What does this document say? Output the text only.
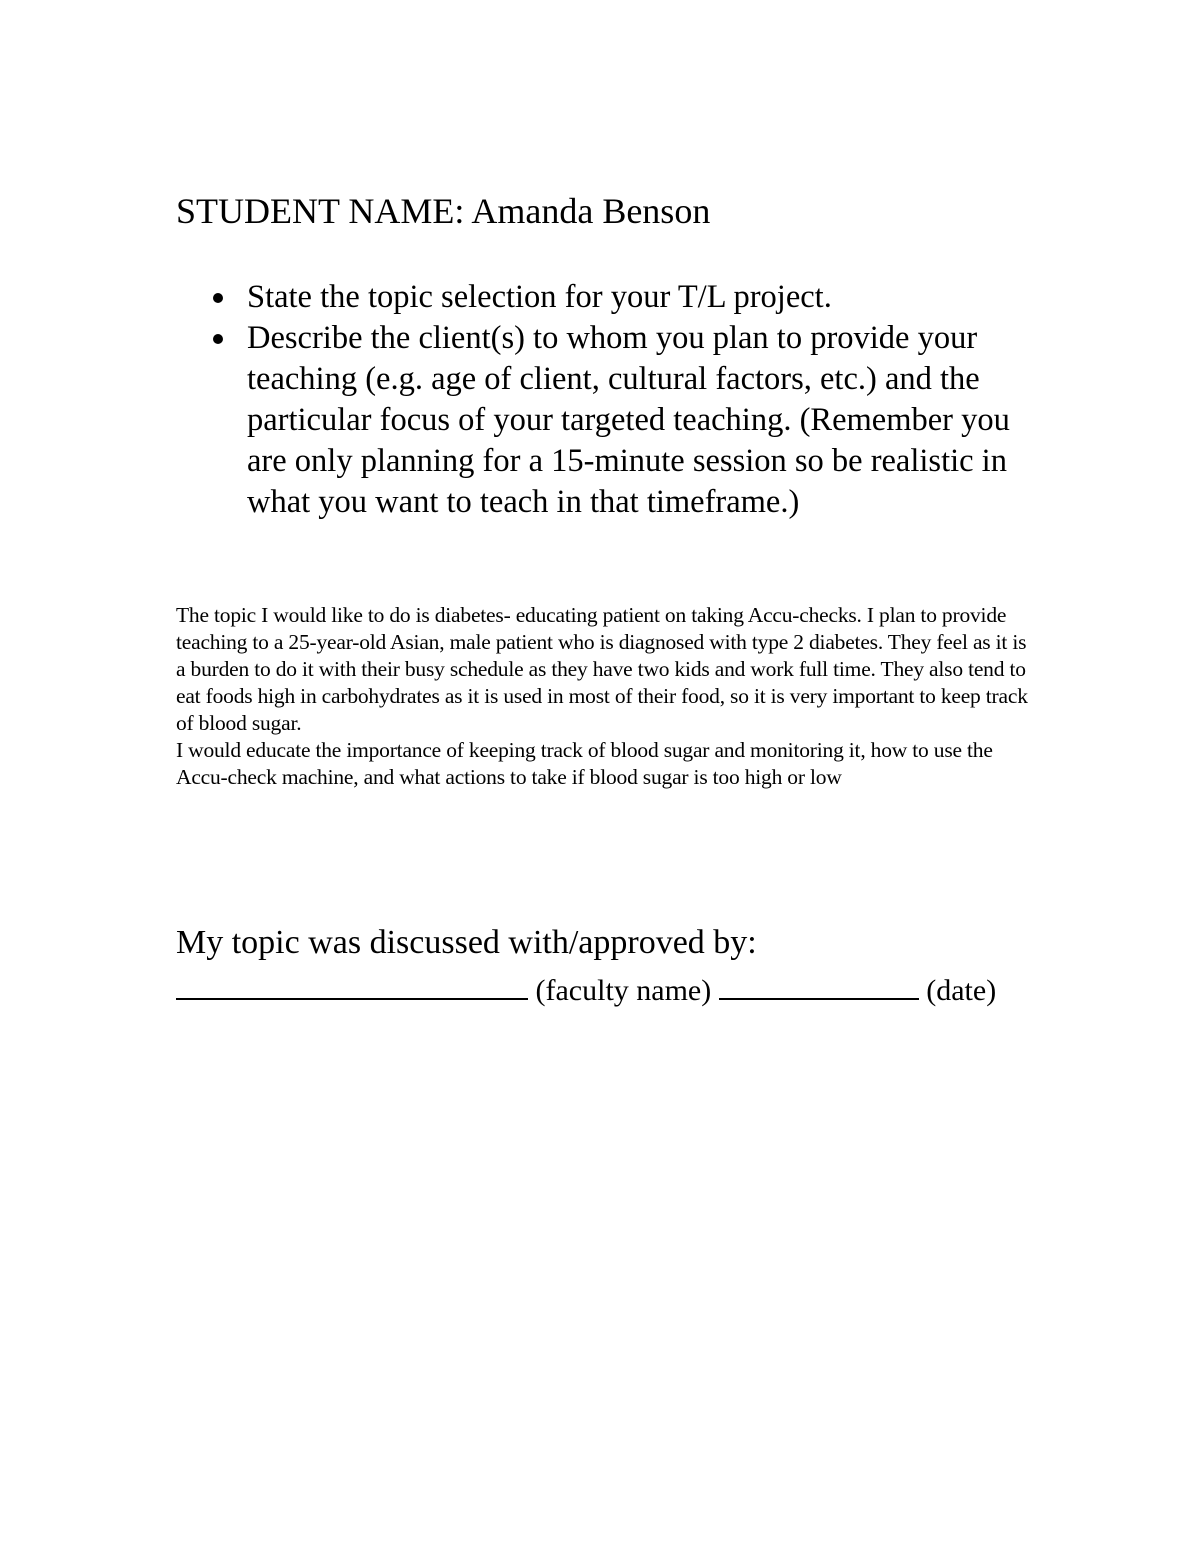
STUDENT NAME: Amanda Benson
State the topic selection for your T/L project.
Describe the client(s) to whom you plan to provide your teaching (e.g. age of client, cultural factors, etc.) and the particular focus of your targeted teaching. (Remember you are only planning for a 15-minute session so be realistic in what you want to teach in that timeframe.)

The topic I would like to do is diabetes- educating patient on taking Accu-checks. I plan to provide teaching to a 25-year-old Asian, male patient who is diagnosed with type 2 diabetes. They feel as it is a burden to do it with their busy schedule as they have two kids and work full time. They also tend to eat foods high in carbohydrates as it is used in most of their food, so it is very important to keep track of blood sugar.

I would educate the importance of keeping track of blood sugar and monitoring it, how to use the Accu-check machine, and what actions to take if blood sugar is too high or low

My topic was discussed with/approved by:
(faculty name)	(date)
